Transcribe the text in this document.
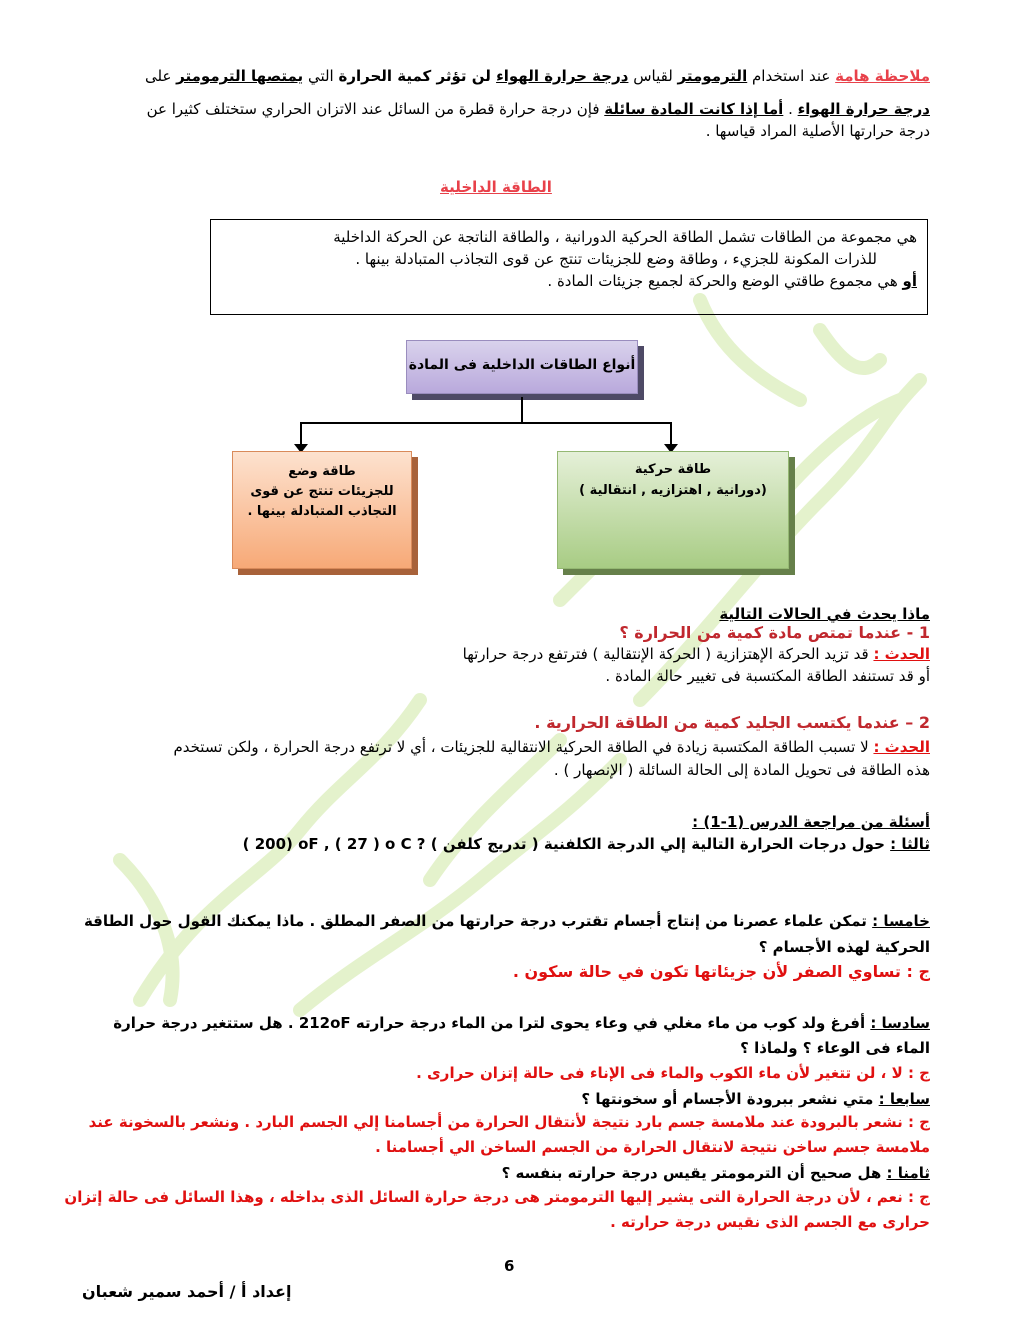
ملاحظة هامة عند استخدام الترمومتر لقياس درجة حرارة الهواء لن تؤثر كمية الحرارة التي يمتصها الترمومتر على
درجة حرارة الهواء . أما إذا كانت المادة سائلة فإن درجة حرارة قطرة من السائل عند الاتزان الحراري ستختلف كثيرا عن
درجة حرارتها الأصلية المراد قياسها .
الطاقة الداخلية
هي مجموعة من الطاقات تشمل الطاقة الحركية الدورانية ، والطاقة الناتجة عن الحركة الداخلية
للذرات المكونة للجزيء ، وطاقة وضع للجزيئات تنتج عن قوى التجاذب المتبادلة بينها .
أو هي مجموع طاقتي الوضع والحركة لجميع جزيئات المادة .
أنواع الطاقات الداخلية فى المادة
طاقة حركية
(دورانية , اهتزازيه , انتقالية )
طاقة وضع
للجزيئات تنتج عن قوى
التجاذب المتبادلة بينها .
ماذا يحدث في الحالات التالية
1 - عندما تمتص مادة كمية من الحرارة ؟
الحدث : قد تزيد الحركة الإهتزازية ( الحركة الإنتقالية ) فترتفع درجة حرارتها
أو قد تستنفد الطاقة المكتسبة فى تغيير حالة المادة .
2 – عندما يكتسب الجليد كمية من الطاقة الحرارية .
الحدث : لا تسبب الطاقة المكتسبة زيادة في الطاقة الحركية الانتقالية للجزيئات ، أي لا ترتفع درجة الحرارة ، ولكن تستخدم
هذه الطاقة فى تحويل المادة إلى الحالة السائلة ( الإنصهار ) .
أسئلة من مراجعة الدرس (1-1) :
ثالثا : حول درجات الحرارة التالية إلي الدرجة الكلفنية ( تدريج كلفن ) ( 200) oF , ( 27 ) o C ?
خامسا : تمكن علماء عصرنا من إنتاج أجسام تقترب درجة حرارتها من الصفر المطلق . ماذا يمكنك القول حول الطاقة
الحركية لهذه الأجسام ؟
ج : تساوي الصفر لأن جزيئاتها تكون في حالة سكون .
سادسا : أفرغ ولد كوب من ماء مغلي في وعاء يحوى لترا من الماء درجة حرارته 212oF . هل ستتغير درجة حرارة
الماء فى الوعاء ؟ ولماذا ؟
ج : لا ، لن تتغير لأن ماء الكوب والماء فى الإناء فى حالة إتزان حرارى .
سابعا : متي نشعر ببرودة الأجسام أو سخونتها ؟
ج : نشعر بالبرودة عند ملامسة جسم بارد نتيجة لأنتقال الحرارة من أجسامنا إلي الجسم البارد . ونشعر بالسخونة عند
ملامسة جسم ساخن نتيجة لانتقال الحرارة من الجسم الساخن الي أجسامنا .
ثامنا : هل صحيح أن الترمومتر يقيس درجة حرارته بنفسه ؟
ج : نعم ، لأن درجة الحرارة التى يشير إليها الترمومتر هى درجة حرارة السائل الذى بداخله ، وهذا السائل فى حالة إتزان
حرارى مع الجسم الذى نقيس درجة حرارته .
6
إعداد أ / أحمد سمير شعبان
